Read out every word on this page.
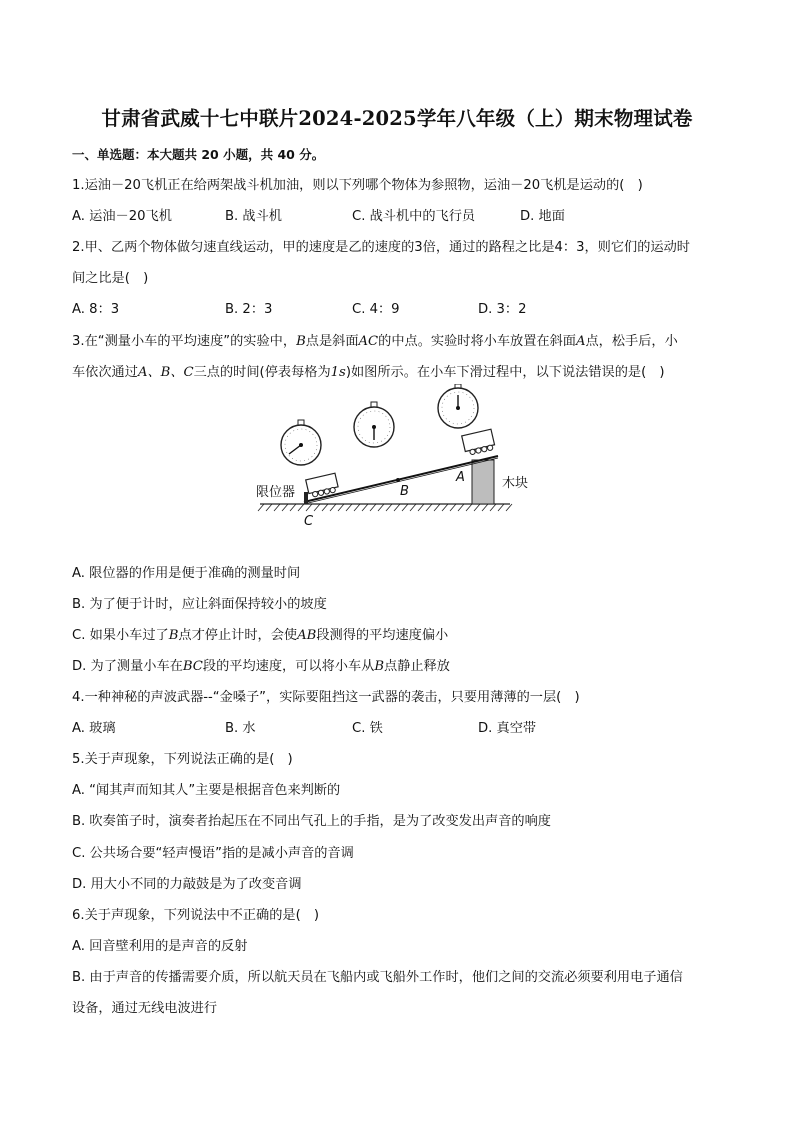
甘肃省武威十七中联片2024-2025学年八年级（上）期末物理试卷
一、单选题：本大题共 20 小题，共 40 分。
1.运油－20飞机正在给两架战斗机加油，则以下列哪个物体为参照物，运油－20飞机是运动的(　)
A. 运油－20飞机	B. 战斗机	C. 战斗机中的飞行员	D. 地面
2.甲、乙两个物体做匀速直线运动，甲的速度是乙的速度的3倍，通过的路程之比是4：3，则它们的运动时
间之比是(　)
A. 8：3	B. 2：3	C. 4：9	D. 3：2
3.在“测量小车的平均速度”的实验中，B点是斜面AC的中点。实验时将小车放置在斜面A点，松手后，小
车依次通过A、B、C三点的时间(停表每格为1s)如图所示。在小车下滑过程中，以下说法错误的是(　)
限位器
木块
A
B
C
A. 限位器的作用是便于准确的测量时间
B. 为了便于计时，应让斜面保持较小的坡度
C. 如果小车过了B点才停止计时，会使AB段测得的平均速度偏小
D. 为了测量小车在BC段的平均速度，可以将小车从B点静止释放
4.一种神秘的声波武器--“金嗓子”，实际要阻挡这一武器的袭击，只要用薄薄的一层(　)
A. 玻璃	B. 水	C. 铁	D. 真空带
5.关于声现象，下列说法正确的是(　)
A. “闻其声而知其人”主要是根据音色来判断的
B. 吹奏笛子时，演奏者抬起压在不同出气孔上的手指，是为了改变发出声音的响度
C. 公共场合要“轻声慢语”指的是减小声音的音调
D. 用大小不同的力敲鼓是为了改变音调
6.关于声现象，下列说法中不正确的是(　)
A. 回音壁利用的是声音的反射
B. 由于声音的传播需要介质，所以航天员在飞船内或飞船外工作时，他们之间的交流必须要利用电子通信
设备，通过无线电波进行
